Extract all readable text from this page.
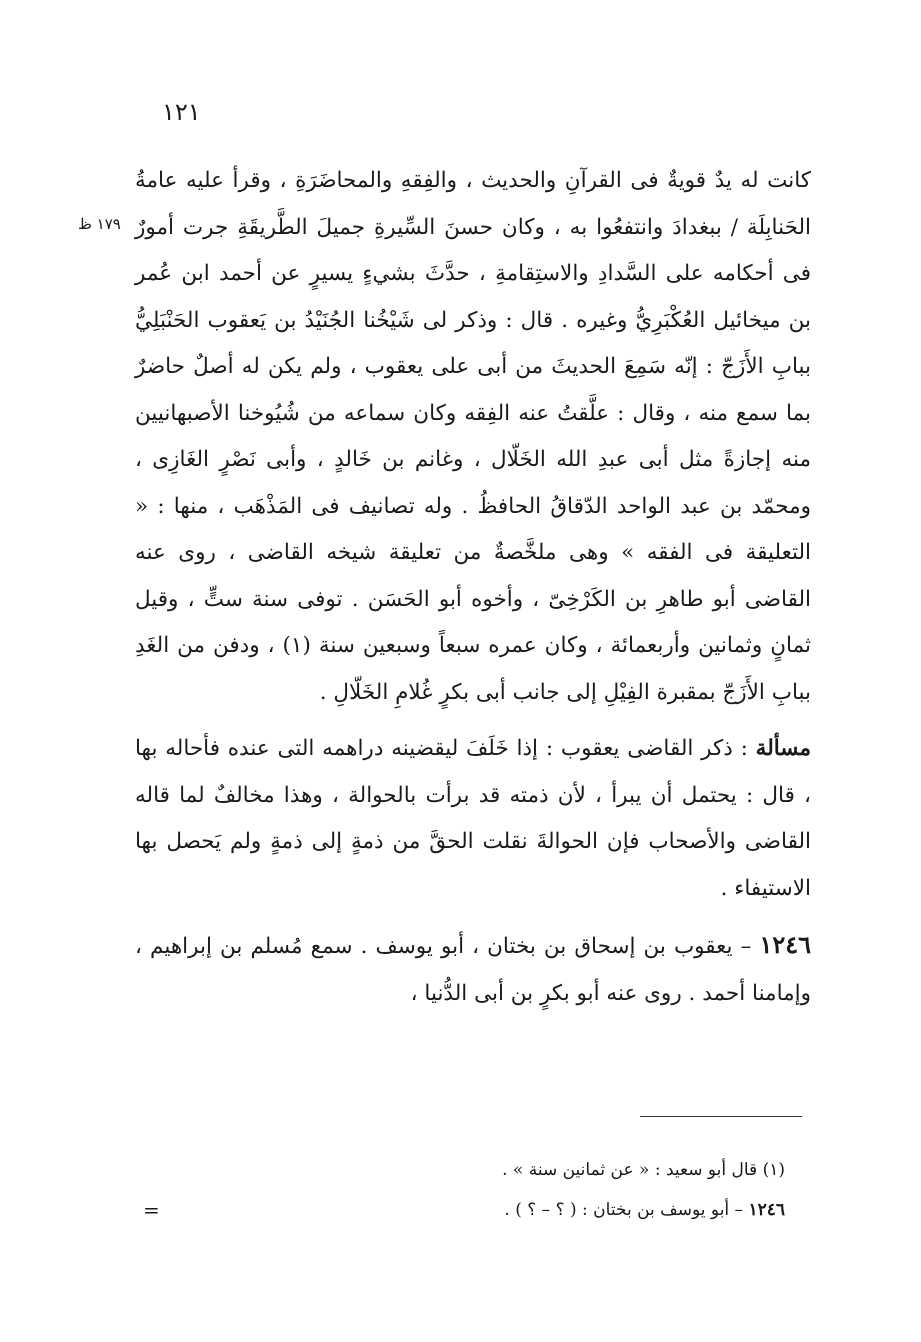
١٢١
١٧٩ ظ

كانت له يدٌ قويةٌ فى القرآنِ والحديث ، والفِقهِ والمحاضَرَةِ ، وقرأ عليه عامةُ الحَنابِلَة / ببغدادَ وانتفعُوا به ، وكان حسنَ السِّيرةِ جميلَ الطَّريقَةِ جرت أمورٌ فى أحكامه على السَّدادِ والاستِقامةِ ، حدَّثَ بشيءٍ يسيرٍ عن أحمد ابن عُمر بن ميخائيل العُكْبَرِيُّ وغيره . قال : وذكر لى شَيْخُنا الجُنَيْدُ بن يَعقوب الحَنْبَلِيُّ ببابِ الأَزَجّ : إنّه سَمِعَ الحديثَ من أبى على يعقوب ، ولم يكن له أصلٌ حاضرٌ بما سمع منه ، وقال : علَّقتُ عنه الفِقه وكان سماعه من شُيُوخنا الأصبهانيين منه إجازةً مثل أبى عبدِ الله الخَلّال ، وغانم بن خَالدٍ ، وأبى نَصْرٍ الغَازِى ، ومحمّد بن عبد الواحد الدّقاقُ الحافظُ . وله تصانيف فى المَذْهَب ، منها : « التعليقة فى الفقه » وهى ملخَّصةٌ من تعليقة شيخه القاضى ، روى عنه القاضى أبو طاهرِ بن الكَرْخِىّ ، وأخوه أبو الحَسَن . توفى سنة ستٍّ ، وقيل ثمانٍ وثمانين وأربعمائة ، وكان عمره سبعاً وسبعين سنة (١) ، ودفن من الغَدِ ببابِ الأَزَجّ بمقبرة الفِيْلِ إلى جانب أبى بكرٍ غُلامِ الخَلّالِ .

مسألة : ذكر القاضى يعقوب : إذا خَلَفَ ليقضينه دراهمه التى عنده فأحاله بها ، قال : يحتمل أن يبرأ ، لأن ذمته قد برأت بالحوالة ، وهذا مخالفٌ لما قاله القاضى والأصحاب فإن الحوالةَ نقلت الحقَّ من ذمةٍ إلى ذمةٍ ولم يَحصل بها الاستيفاء .

١٢٤٦ – يعقوب بن إسحاق بن بختان ، أبو يوسف . سمع مُسلم بن إبراهيم ، وإمامنا أحمد . روى عنه أبو بكرٍ بن أبى الدُّنيا ،

(١) قال أبو سعيد : « عن ثمانين سنة » .

١٢٤٦ – أبو يوسف بن بختان : ( ؟ – ؟ ) .

=
